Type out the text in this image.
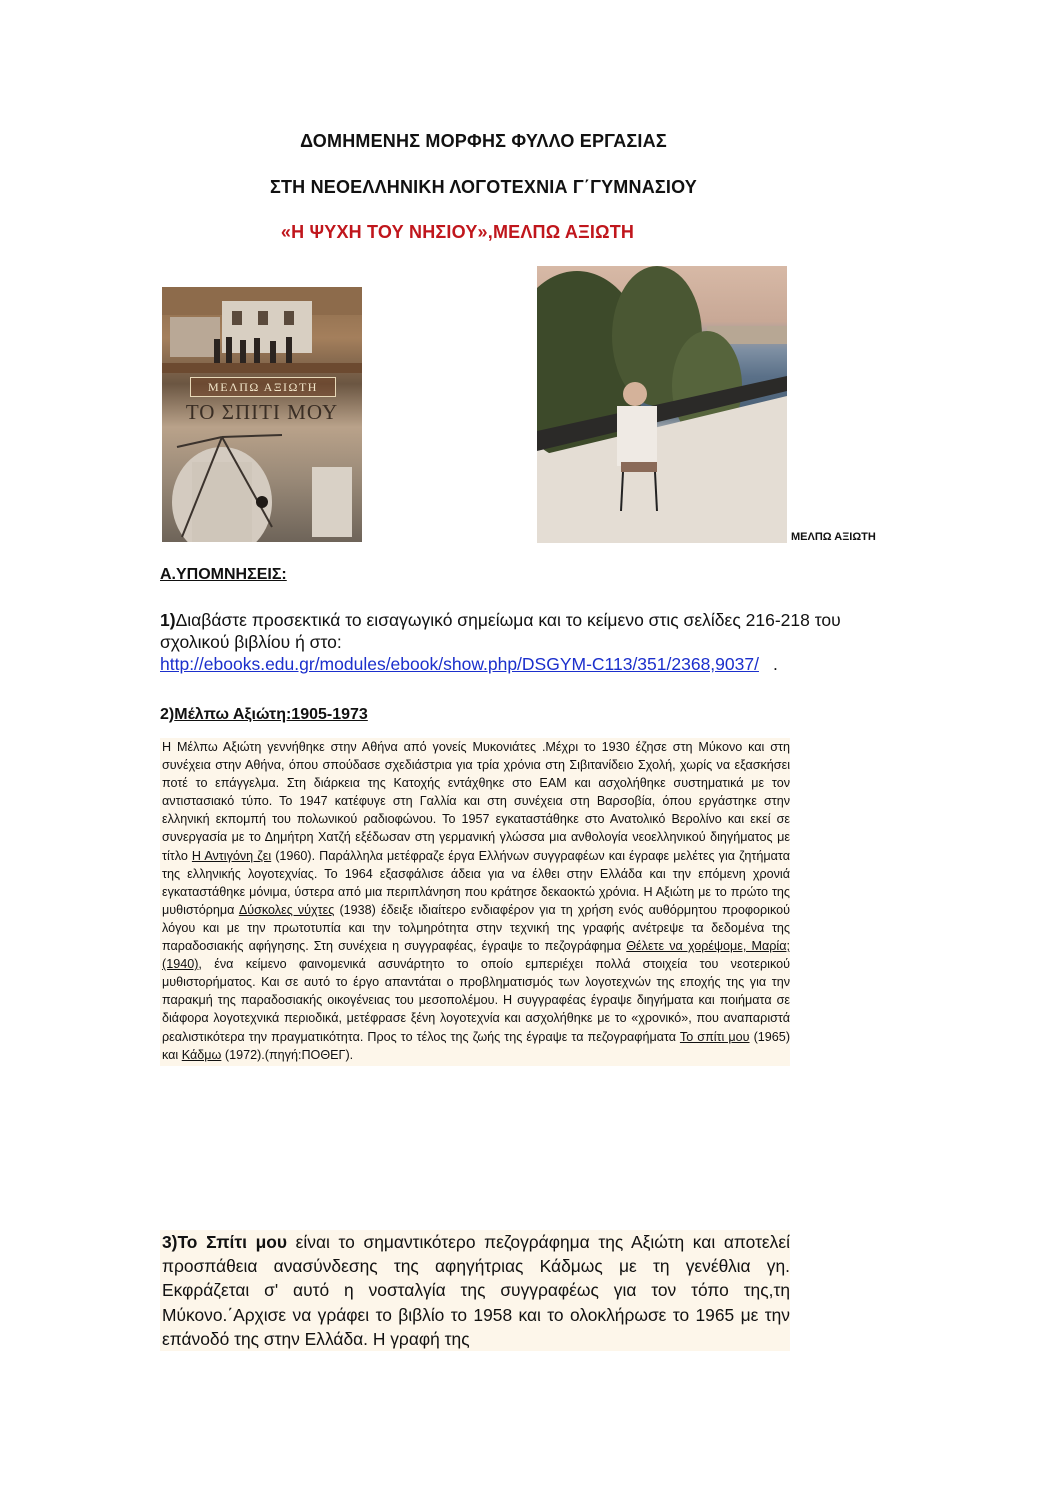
ΔΟΜΗΜΕΝΗΣ ΜΟΡΦΗΣ ΦΥΛΛΟ ΕΡΓΑΣΙΑΣ
ΣΤΗ ΝΕΟΕΛΛΗΝΙΚΗ ΛΟΓΟΤΕΧΝΙΑ Γ΄ΓΥΜΝΑΣΙΟΥ
«Η ΨΥΧΗ ΤΟΥ ΝΗΣΙΟΥ»,ΜΕΛΠΩ ΑΞΙΩΤΗ
ΜΕΛΠΩ ΑΞΙΩΤΗ
ΤΟ ΣΠΙΤΙ ΜΟΥ
ΜΕΛΠΩ ΑΞΙΩΤΗ
Α.ΥΠΟΜΝΗΣΕΙΣ:
1)Διαβάστε προσεκτικά το εισαγωγικό σημείωμα και το κείμενο στις σελίδες 216-218 του σχολικού βιβλίου ή στο:
http://ebooks.edu.gr/modules/ebook/show.php/DSGYM-C113/351/2368,9037/ .
2)Μέλπω Αξιώτη:1905-1973
Η Μέλπω Αξιώτη γεννήθηκε στην Αθήνα από γονείς Μυκονιάτες .Μέχρι το 1930 έζησε στη Μύκονο και στη συνέχεια στην Αθήνα, όπου σπούδασε σχεδιάστρια για τρία χρόνια στη Σιβιτανίδειο Σχολή, χωρίς να εξασκήσει ποτέ το επάγγελμα. Στη διάρκεια της Κατοχής εντάχθηκε στο ΕΑΜ και ασχολήθηκε συστηματικά με τον αντιστασιακό τύπο. Το 1947 κατέφυγε στη Γαλλία και στη συνέχεια στη Βαρσοβία, όπου εργάστηκε στην ελληνική εκπομπή του πολωνικού ραδιοφώνου. Το 1957 εγκαταστάθηκε στο Ανατολικό Βερολίνο και εκεί σε συνεργασία με το Δημήτρη Χατζή εξέδωσαν στη γερμανική γλώσσα μια ανθολογία νεοελληνικού διηγήματος με τίτλο Η Αντιγόνη ζει (1960). Παράλληλα μετέφραζε έργα Ελλήνων συγγραφέων και έγραφε μελέτες για ζητήματα της ελληνικής λογοτεχνίας. Το 1964 εξασφάλισε άδεια για να έλθει στην Ελλάδα και την επόμενη χρονιά εγκαταστάθηκε μόνιμα, ύστερα από μια περιπλάνηση που κράτησε δεκαοκτώ χρόνια. Η Αξιώτη με το πρώτο της μυθιστόρημα Δύσκολες νύχτες (1938) έδειξε ιδιαίτερο ενδιαφέρον για τη χρήση ενός αυθόρμητου προφορικού λόγου και με την πρωτοτυπία και την τολμηρότητα στην τεχνική της γραφής ανέτρεψε τα δεδομένα της παραδοσιακής αφήγησης. Στη συνέχεια η συγγραφέας, έγραψε το πεζογράφημα Θέλετε να χορέψομε, Μαρία;(1940), ένα κείμενο φαινομενικά ασυνάρτητο το οποίο εμπεριέχει πολλά στοιχεία του νεοτερικού μυθιστορήματος. Και σε αυτό το έργο απαντάται ο προβληματισμός των λογοτεχνών της εποχής της για την παρακμή της παραδοσιακής οικογένειας του μεσοπολέμου. Η συγγραφέας έγραψε διηγήματα και ποιήματα σε διάφορα λογοτεχνικά περιοδικά, μετέφρασε ξένη λογοτεχνία και ασχολήθηκε με το «χρονικό», που αναπαριστά ρεαλιστικότερα την πραγματικότητα. Προς το τέλος της ζωής της έγραψε τα πεζογραφήματα Το σπίτι μου (1965) και Κάδμω (1972).(πηγή:ΠΟΘΕΓ).
3)Το Σπίτι μου είναι το σημαντικότερο πεζογράφημα της Αξιώτη και αποτελεί προσπάθεια ανασύνδεσης της αφηγήτριας Κάδμως με τη γενέθλια γη. Εκφράζεται σ' αυτό η νοσταλγία της συγγραφέως για τον τόπο της,τη Μύκονο.΄Αρχισε να γράφει το βιβλίο το 1958 και το ολοκλήρωσε το 1965 με την επάνοδό της στην Ελλάδα. Η γραφή της
